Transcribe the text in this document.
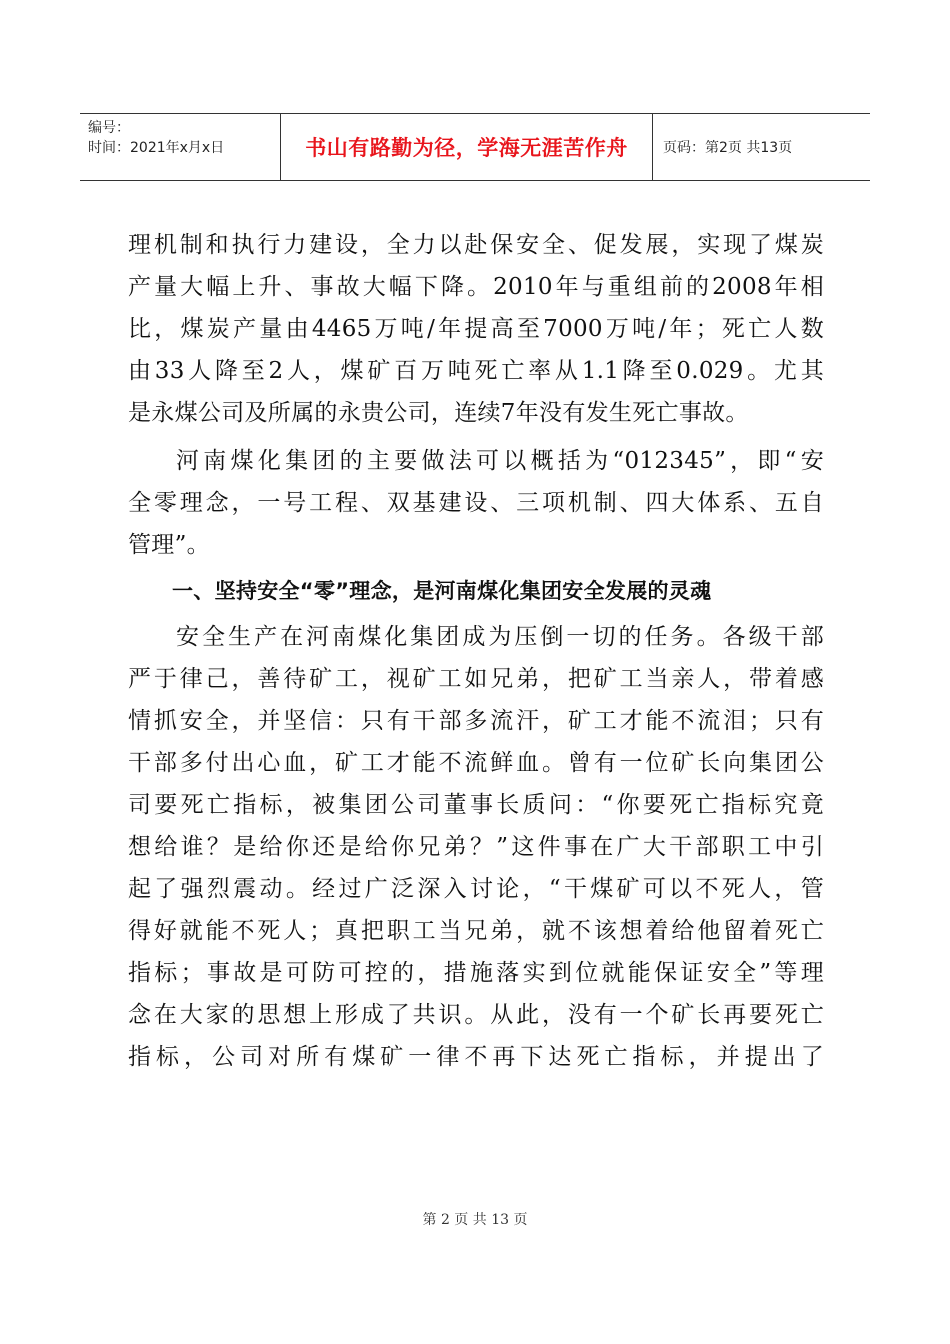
编号：
时间：2021年x月x日	书山有路勤为径，学海无涯苦作舟	页码：第2页 共13页
理机制和执行力建设，全力以赴保安全、促发展，实现了煤炭
产量大幅上升、事故大幅下降。2010年与重组前的2008年相
比，煤炭产量由4465万吨/年提高至7000万吨/年；死亡人数
由33人降至2人，煤矿百万吨死亡率从1.1降至0.029。尤其
是永煤公司及所属的永贵公司，连续7年没有发生死亡事故。
河南煤化集团的主要做法可以概括为“012345”，即“安
全零理念，一号工程、双基建设、三项机制、四大体系、五自
管理”。
一、坚持安全“零”理念，是河南煤化集团安全发展的灵魂
安全生产在河南煤化集团成为压倒一切的任务。各级干部
严于律己，善待矿工，视矿工如兄弟，把矿工当亲人，带着感
情抓安全，并坚信：只有干部多流汗，矿工才能不流泪；只有
干部多付出心血，矿工才能不流鲜血。曾有一位矿长向集团公
司要死亡指标，被集团公司董事长质问：“你要死亡指标究竟
想给谁？是给你还是给你兄弟？”这件事在广大干部职工中引
起了强烈震动。经过广泛深入讨论，“干煤矿可以不死人，管
得好就能不死人；真把职工当兄弟，就不该想着给他留着死亡
指标；事故是可防可控的，措施落实到位就能保证安全”等理
念在大家的思想上形成了共识。从此，没有一个矿长再要死亡
指标，公司对所有煤矿一律不再下达死亡指标，并提出了
第 2 页 共 13 页
